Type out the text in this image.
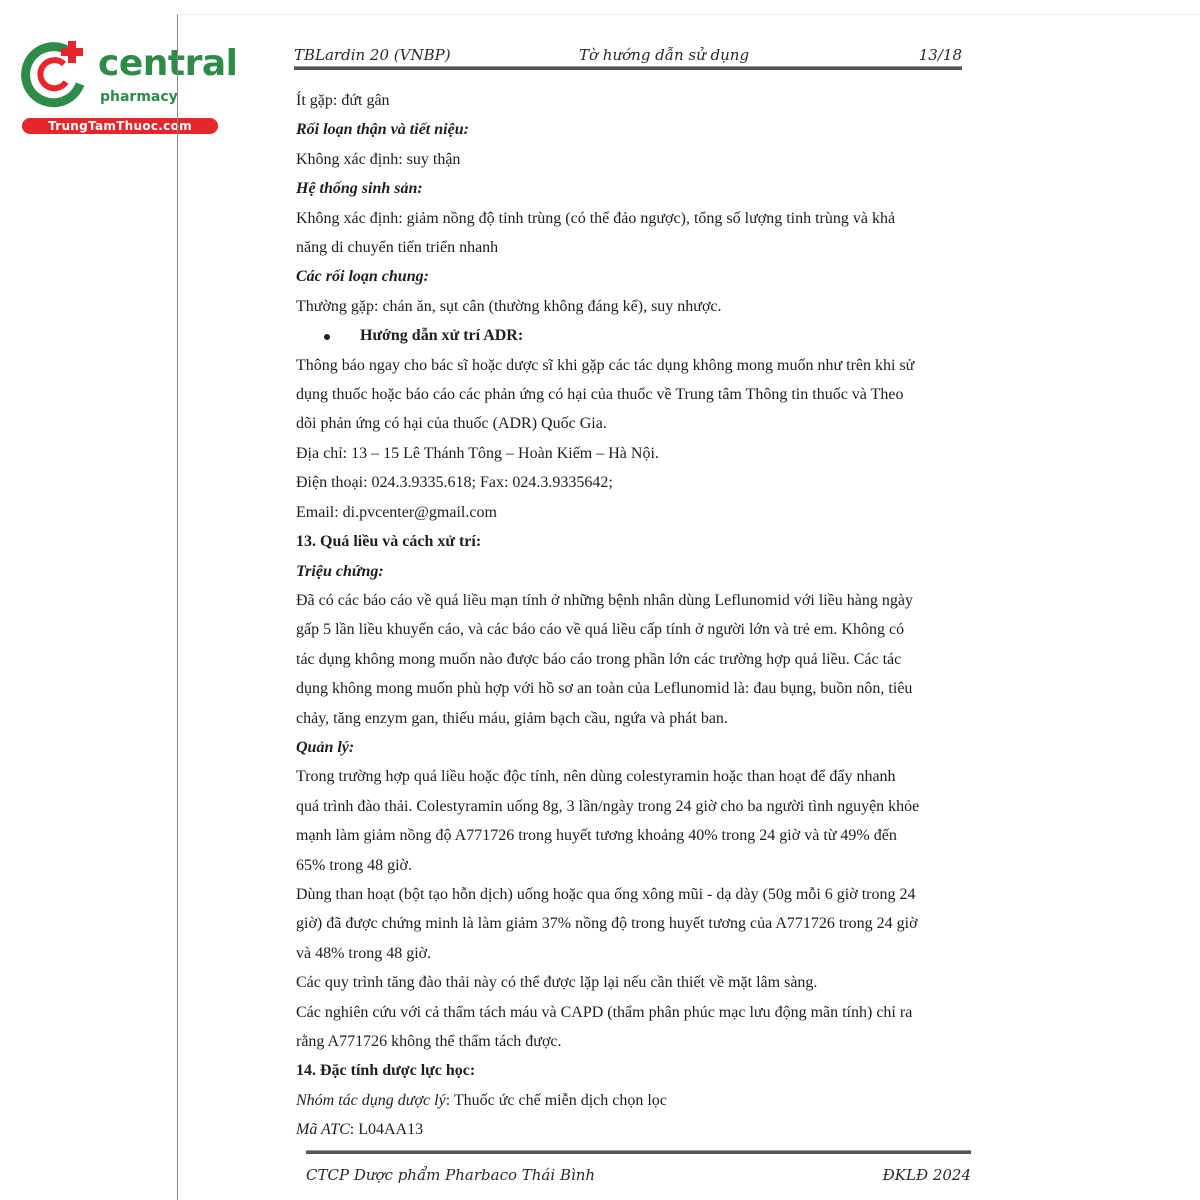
central
pharmacy
TrungTamThuoc.com
TBLardin 20 (VNBP)	Tờ hướng dẫn sử dụng	13/18
Ít gặp: đứt gân
Rối loạn thận và tiết niệu:
Không xác định: suy thận
Hệ thống sinh sản:
Không xác định: giảm nồng độ tinh trùng (có thể đảo ngược), tổng số lượng tinh trùng và khả
năng di chuyển tiến triển nhanh
Các rối loạn chung:
Thường gặp: chán ăn, sụt cân (thường không đáng kể), suy nhược.
Hướng dẫn xử trí ADR:
Thông báo ngay cho bác sĩ hoặc dược sĩ khi gặp các tác dụng không mong muốn như trên khi sử
dụng thuốc hoặc báo cáo các phản ứng có hại của thuốc về Trung tâm Thông tin thuốc và Theo
dõi phản ứng có hại của thuốc (ADR) Quốc Gia.
Địa chỉ: 13 – 15 Lê Thánh Tông – Hoàn Kiếm – Hà Nội.
Điện thoại: 024.3.9335.618; Fax: 024.3.9335642;
Email: di.pvcenter@gmail.com
13. Quá liều và cách xử trí:
Triệu chứng:
Đã có các báo cáo về quá liều mạn tính ở những bệnh nhân dùng Leflunomid với liều hàng ngày
gấp 5 lần liều khuyến cáo, và các báo cáo về quá liều cấp tính ở người lớn và trẻ em. Không có
tác dụng không mong muốn nào được báo cáo trong phần lớn các trường hợp quá liều. Các tác
dụng không mong muốn phù hợp với hồ sơ an toàn của Leflunomid là: đau bụng, buồn nôn, tiêu
chảy, tăng enzym gan, thiếu máu, giảm bạch cầu, ngứa và phát ban.
Quản lý:
Trong trường hợp quá liều hoặc độc tính, nên dùng colestyramin hoặc than hoạt để đẩy nhanh
quá trình đào thải. Colestyramin uống 8g, 3 lần/ngày trong 24 giờ cho ba người tình nguyện khỏe
mạnh làm giảm nồng độ A771726 trong huyết tương khoảng 40% trong 24 giờ và từ 49% đến
65% trong 48 giờ.
Dùng than hoạt (bột tạo hỗn dịch) uống hoặc qua ống xông mũi - dạ dày (50g mỗi 6 giờ trong 24
giờ) đã được chứng minh là làm giảm 37% nồng độ trong huyết tương của A771726 trong 24 giờ
và 48% trong 48 giờ.
Các quy trình tăng đào thải này có thể được lặp lại nếu cần thiết về mặt lâm sàng.
Các nghiên cứu với cả thẩm tách máu và CAPD (thẩm phân phúc mạc lưu động mãn tính) chỉ ra
rằng A771726 không thể thẩm tách được.
14. Đặc tính dược lực học:
Nhóm tác dụng dược lý: Thuốc ức chế miễn dịch chọn lọc
Mã ATC: L04AA13
CTCP Dược phẩm Pharbaco Thái Bình	ĐKLĐ 2024
